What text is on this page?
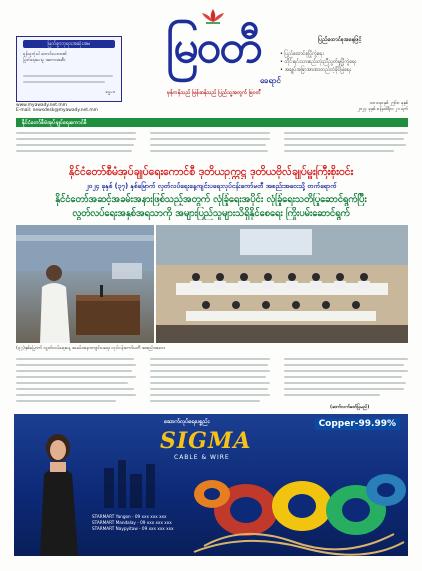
မြတ်စွာဘုရားအဆုံးအမ
ရန်သူတုံးပါ တောင်ပေးလာ၏
မြတ်ရေးပေးမှု အတားအဆီး
ဓမ္မပဒ
မြဝတီ
ခေရာင်
မှန်ကန်သည် မြန်ဆန်သည် ပြည်သူ့အတွက် မြဝတီ
ပြည်ထောင်စုအနေဖြင့်
• ပြည်ထောင်စုပြိုကွဲရေး
• တိုင်းရင်းသားစည်းလုံးညီညွတ်မှုပြိုကွဲရေး
• အချုပ်အခြာအာဏာတည်တံ့ခိုင်မြဲရေး
www.myawady.net.mm
E-mail: newsdesk@myawady.net.mm
သာသနာနှစ် ၂၅၆၈ ခုနှစ်
၂၀၂၄ ခုနှစ် ဇန်နဝါရီလ ၂၁ ရက်
နိုင်ငံတော်စီမံအုပ်ချုပ်ရေးကောင်စီ
နိုင်ငံတော်စီမံအုပ်ချုပ်ရေးကောင်စီ ဒုတိယဥက္ကဋ္ဌ ဒုတိယဗိုလ်ချုပ်မှူးကြီးစိုးဝင်း
၂၀၂၄ ခုနှစ် (၃၇) နှစ်မြောက် လှတ်လပ်ရေးနေ့ကျင်းပရေးလုပ်ငန်းကော်မတီ အစည်းအဝေးသို့ တက်ရောက်
နိုင်ငံတော်အဆင့်အခမ်းအနားဖြစ်သည့်အတွက် လုံခြုံရေးအပိုင်း လုံခြုံရေးသတိပြုဆောင်ရွက်ပြီး
လွတ်လပ်ရေးအနှစ်အရသာကို အများပြည်သူများသိရှိနိုင်စေရေး ကြိုးပမ်းဆောင်ရွက်
(၃၇)နှစ်မြောက် လွတ်လပ်ရေးနေ့ အခမ်းအနားကျင်းပရေး လုပ်ငန်းကော်မတီ အစည်းအဝေး
(ဆက်လက်ဖော်ပြမည်)
ဆောက်လုပ်ရေးပစ္စည်း
SIGMA
CABLE & WIRE
Copper-99.99%
STARMART Yangon - 09 xxx xxx xxx
STARMART Mandalay - 09 xxx xxx xxx
STARMART Naypyitaw - 09 xxx xxx xxx
